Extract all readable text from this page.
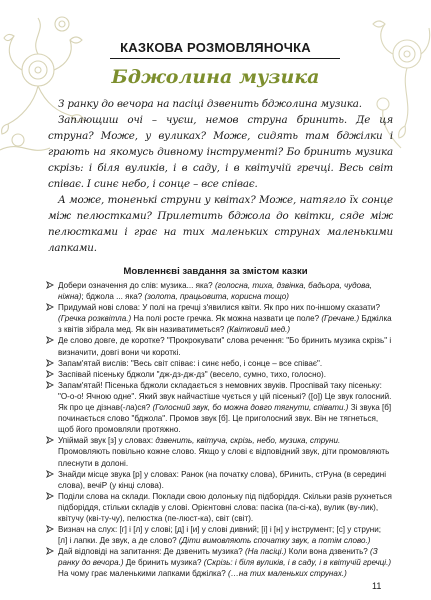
КАЗКОВА РОЗМОВЛЯНОЧКА
Бджолина музика

З ранку до вечора на пасіці дзвенить бджолина музика.

Заплющиш очі – чуєш, немов струна бринить. Де ця струна? Може, у вуликах? Може, сидять там бджілки і грають на якомусь дивному інструменті? Бо бринить музика скрізь: і біля вуликів, і в саду, і в квітучій гречці. Весь світ співає. І синє небо, і сонце – все співає.

А може, тоненькі струни у квітах? Може, натягло їх сонце між пелюстками? Прилетить бджола до квітки, сяде між пелюстками і грає на тих маленьких струнах маленькими лапками.

Мовленнєві завдання за змістом казки
Добери означення до слів: музика... яка? (голосна, тиха, дзвінка, бадьора, чудова, ніжна); бджола ... яка? (золота, працьовита, корисна тощо)
Придумай нові слова: У полі на гречці з'явилися квіти. Як про них по-іншому сказати? (Гречка розквітла.) На полі росте гречка. Як можна назвати це поле? (Гречане.) Бджілка з квітів зібрала мед. Як він називатиметься? (Квітковий мед.)
Де слово довге, де коротке? "Прокрокувати" слова речення: "Бо бринить музика скрізь" і визначити, довгі вони чи короткі.
Запам'ятай вислів: "Весь світ співає: і синє небо, і сонце – все співає".
Заспівай пісеньку бджоли "дж-дз-дж-дз" (весело, сумно, тихо, голосно).
Запам'ятай! Пісенька бджоли складається з немовних звуків. Проспівай таку пісеньку: "О-о-о! Ячною одне". Який звук найчастіше чується у цій пісенькі? ([о]) Це звук голосний. Як про це дізнав(-ла)ся? (Голосний звук, бо можна довго тягнути, співати.) Зі звука [б] починається слово "бджола". Промов звук [б]. Це приголосний звук. Він не тягнеться, щоб його промовляли протяжно.
Упіймай звук [з] у словах: дзвенить, квітуча, скрізь, небо, музика, струни. Промовляють повільно кожне слово. Якщо у слові є відповідний звук, діти промовляють плеснути в долоні.
Знайди місце звука [р] у словах: Ранок (на початку слова), бРинить, стРуна (в середині слова), вечіР (у кінці слова).
Поділи слова на склади. Поклади свою долоньку під підборіддя. Скільки разів рухнеться підборіддя, стільки складів у слові. Орієнтовні слова: пасіка (па-сі-ка), вулик (ву-лик), квітучу (кві-ту-чу), пелюстка (пе-люст-ка), світ (світ).
Визнач на слух: [г] і [л] у слові; [д] і [и] у слові дивний; [і] і [н] у інструмент; [с] у струни; [л] і лапки. Де звук, а де слово? (Діти вимовляють спочатку звук, а потім слово.)
Дай відповіді на запитання: Де дзвенить музика? (На пасіці.) Коли вона дзвенить? (З ранку до вечора.) Де бринить музика? (Скрізь: і біля вуликів, і в саду, і в квітучій гречці.) На чому грає маленькими лапками бджілка? (…на тих маленьких струнах.)
11
